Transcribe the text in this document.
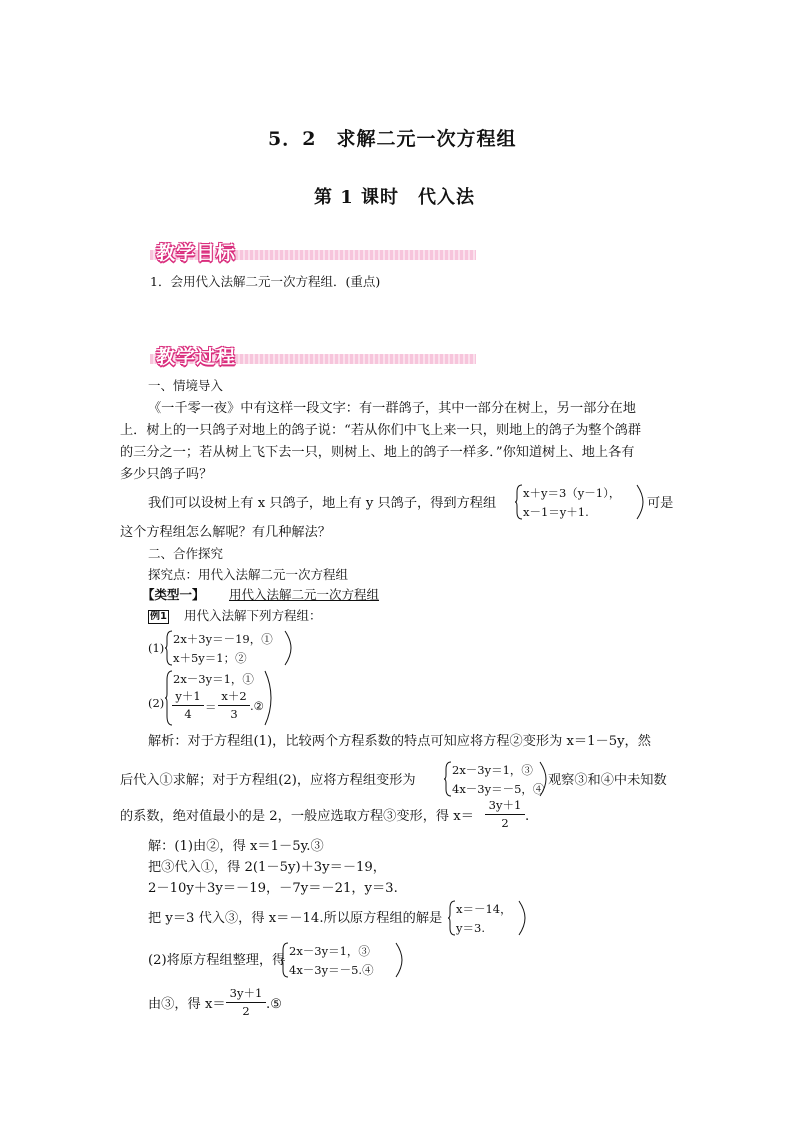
5．2　求解二元一次方程组
第 1 课时　代入法
教学目标
1．会用代入法解二元一次方程组．(重点)
教学过程
一、情境导入
《一千零一夜》中有这样一段文字：有一群鸽子，其中一部分在树上，另一部分在地
上．树上的一只鸽子对地上的鸽子说：“若从你们中飞上来一只，则地上的鸽子为整个鸽群
的三分之一；若从树上飞下去一只，则树上、地上的鸽子一样多．”你知道树上、地上各有
多少只鸽子吗？
我们可以设树上有 x 只鸽子，地上有 y 只鸽子，得到方程组
x＋y＝3（y－1），
x－1＝y＋1.
可是
这个方程组怎么解呢？有几种解法？
二、合作探究
探究点：用代入法解二元一次方程组
【类型一】 用代入法解二元一次方程组
例1 用代入法解下列方程组：
(1)
2x＋3y＝－19，①
x＋5y＝1；②
(2)
2x－3y＝1，①
y＋1
4	＝
x＋2
3
.②
解析：对于方程组(1)，比较两个方程系数的特点可知应将方程②变形为 x＝1－5y，然
后代入①求解；对于方程组(2)，应将方程组变形为
2x－3y＝1，③
4x－3y＝－5，④
观察③和④中未知数
的系数，绝对值最小的是 2，一般应选取方程③变形，得 x＝
3y＋1
2	.
解：(1)由②，得 x＝1－5y.③
把③代入①，得 2(1－5y)＋3y＝－19，
2－10y＋3y＝－19，－7y＝－21，y＝3.
把 y＝3 代入③，得 x＝－14.所以原方程组的解是
x＝－14，
y＝3.
(2)将原方程组整理，得
2x－3y＝1，③
4x－3y＝－5.④
由③，得 x＝
3y＋1
2	.⑤
